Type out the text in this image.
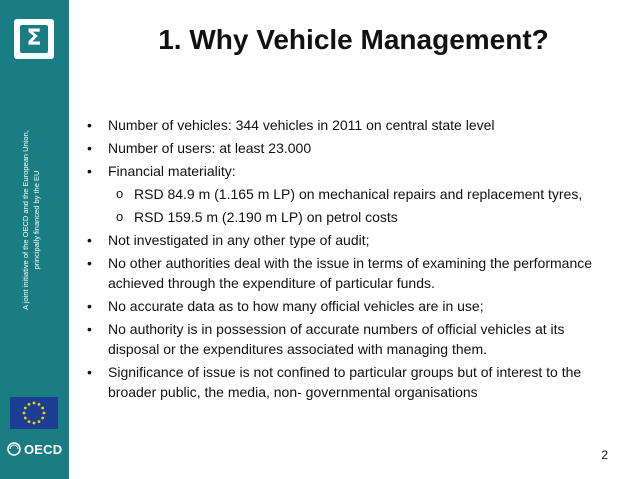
Σ
A joint initiative of the OECD and the European Union, principally financed by the EU
OECD
1. Why Vehicle Management?
• Number of vehicles: 344 vehicles in 2011 on central state level
• Number of users: at least 23.000
• Financial materiality:
o RSD 84.9 m (1.165 m LP) on mechanical repairs and replacement tyres,
o RSD 159.5 m (2.190 m LP) on petrol costs
• Not investigated in any other type of audit;
• No other authorities deal with the issue in terms of examining the performance achieved through the expenditure of particular funds.
• No accurate data as to how many official vehicles are in use;
• No authority is in possession of accurate numbers of official vehicles at its disposal or the expenditures associated with managing them.
• Significance of issue is not confined to particular groups but of interest to the broader public, the media, non- governmental organisations
2
